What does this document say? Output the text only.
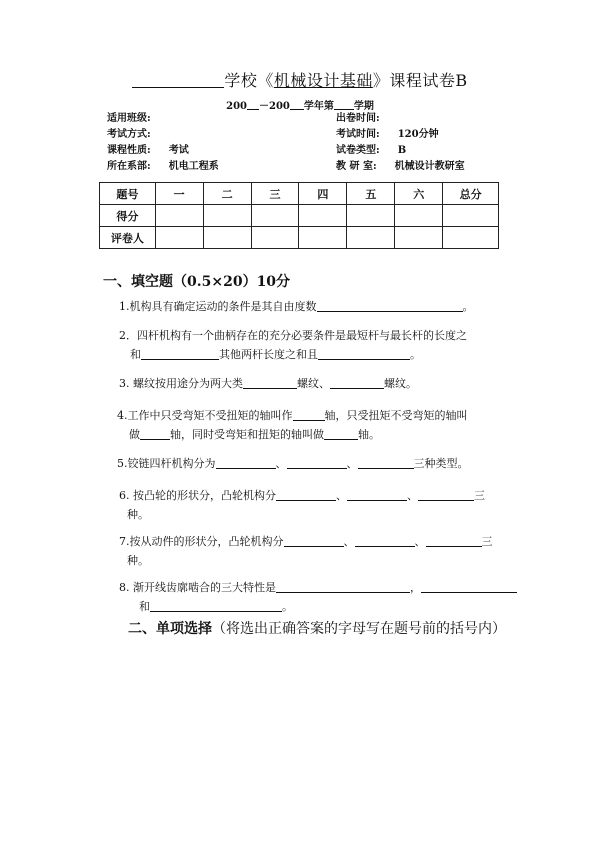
学校《机械设计基础》课程试卷B
200 －200 学年第 学期
适用班级:
考试方式:
课程性质: 考试
所在系部: 机电工程系
出卷时间:
考试时间: 120分钟
试卷类型: B
教 研 室: 机械设计教研室
题号	一	二	三	四	五	六	总分
得分							
评卷人							
一、填空题（0.5×20）10分
1.机构具有确定运动的条件是其自由度数	。
2．四杆机构有一个曲柄存在的充分必要条件是最短杆与最长杆的长度之
和	其他两杆长度之和且	。
3. 螺纹按用途分为两大类	螺纹、	螺纹。
4.工作中只受弯矩不受扭矩的轴叫作	轴，只受扭矩不受弯矩的轴叫
做	轴，同时受弯矩和扭矩的轴叫做	轴。
5.铰链四杆机构分为	、	、	三种类型。
6. 按凸轮的形状分，凸轮机构分	、	、	三
种。
7.按从动件的形状分，凸轮机构分	、	、	三
种。
8. 渐开线齿廓啮合的三大特性是	，
和	。
二、单项选择（将选出正确答案的字母写在题号前的括号内）
